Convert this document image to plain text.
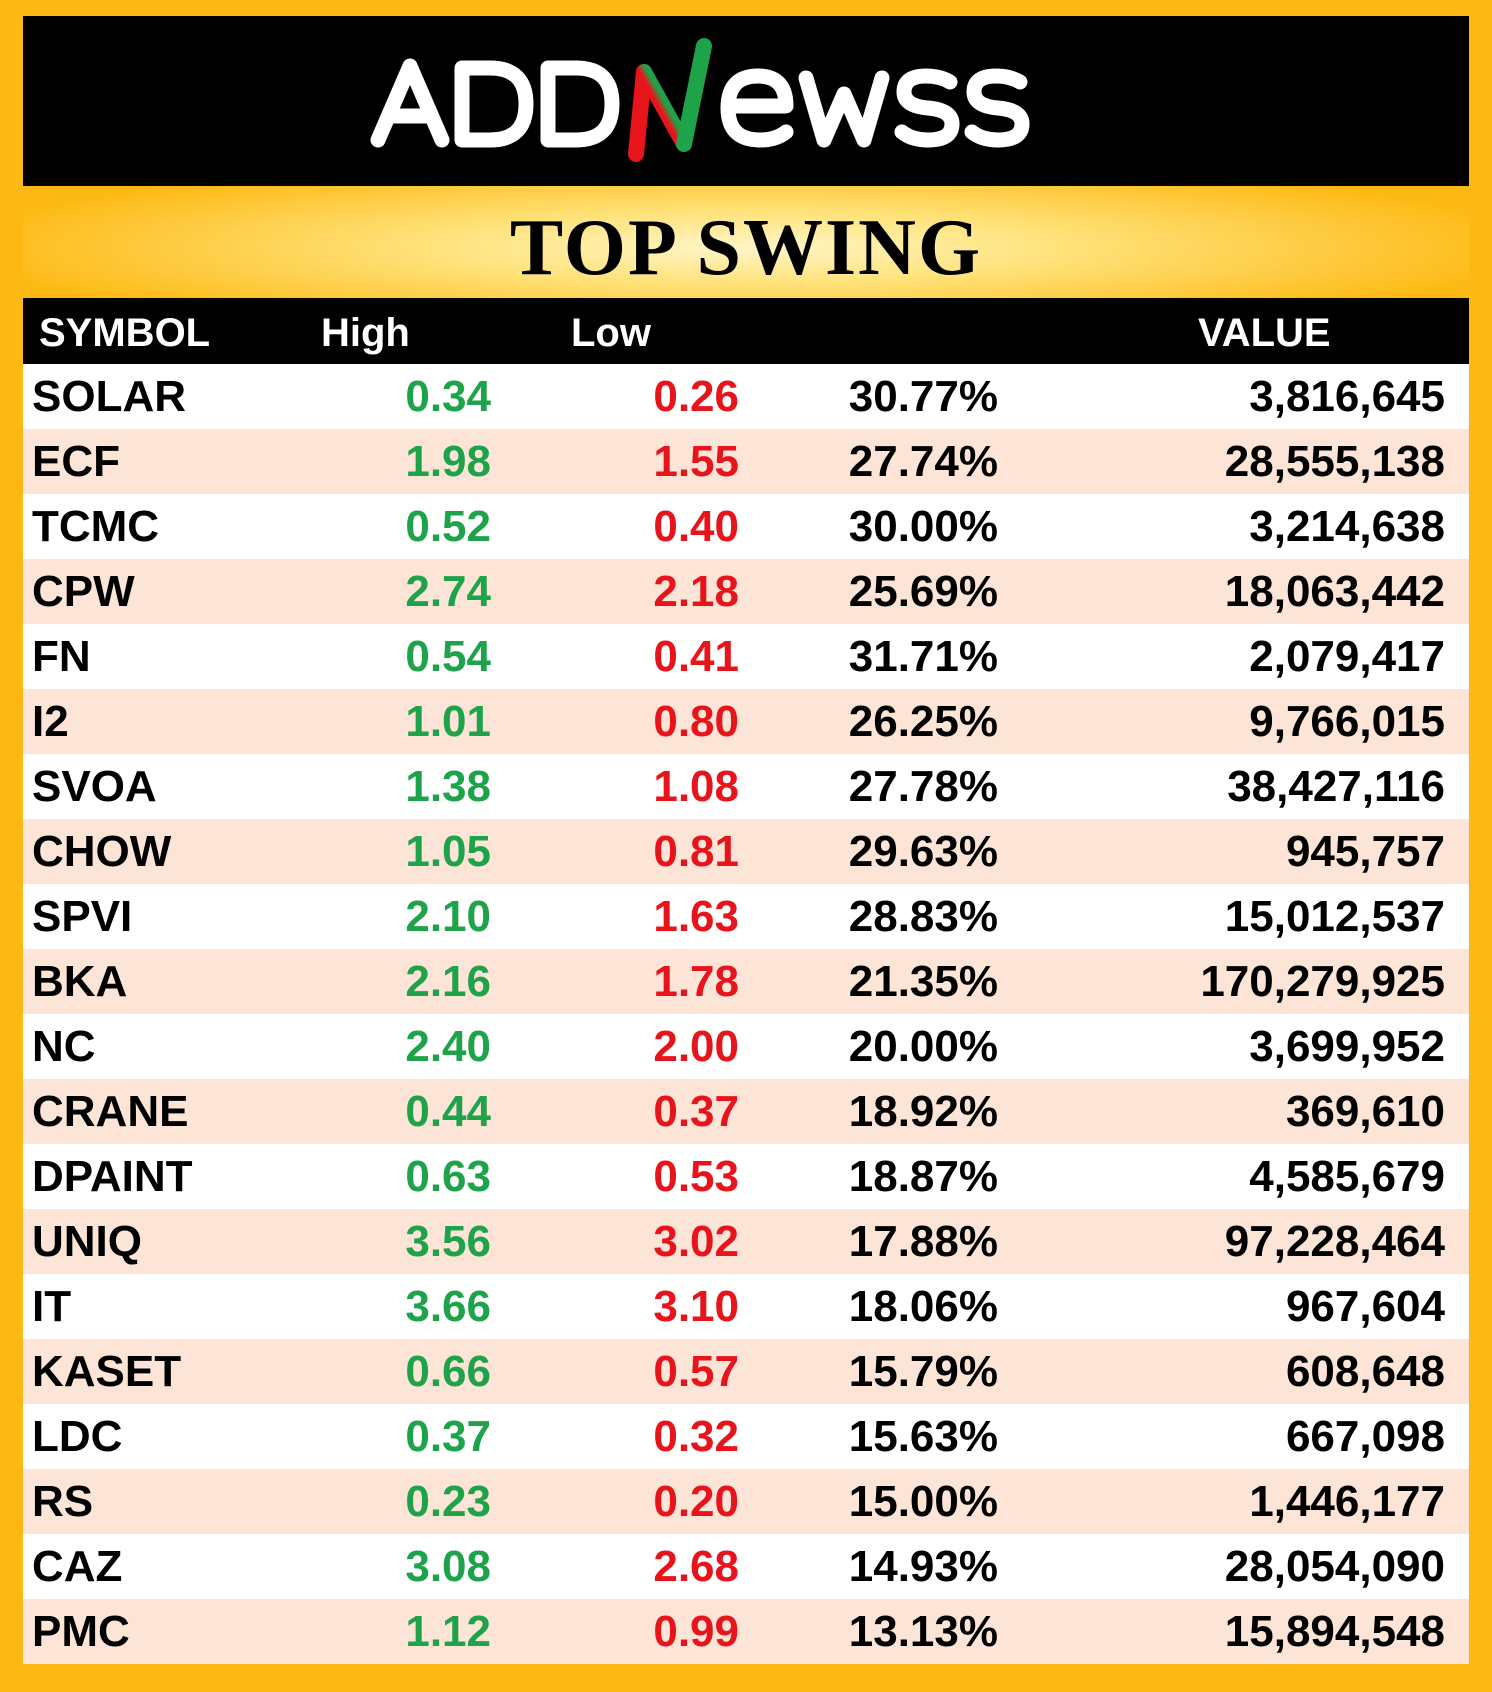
TOP SWING
SYMBOL	High	Low		VALUE
SOLAR	0.34	0.26	30.77%	3,816,645
ECF	1.98	1.55	27.74%	28,555,138
TCMC	0.52	0.40	30.00%	3,214,638
CPW	2.74	2.18	25.69%	18,063,442
FN	0.54	0.41	31.71%	2,079,417
I2	1.01	0.80	26.25%	9,766,015
SVOA	1.38	1.08	27.78%	38,427,116
CHOW	1.05	0.81	29.63%	945,757
SPVI	2.10	1.63	28.83%	15,012,537
BKA	2.16	1.78	21.35%	170,279,925
NC	2.40	2.00	20.00%	3,699,952
CRANE	0.44	0.37	18.92%	369,610
DPAINT	0.63	0.53	18.87%	4,585,679
UNIQ	3.56	3.02	17.88%	97,228,464
IT	3.66	3.10	18.06%	967,604
KASET	0.66	0.57	15.79%	608,648
LDC	0.37	0.32	15.63%	667,098
RS	0.23	0.20	15.00%	1,446,177
CAZ	3.08	2.68	14.93%	28,054,090
PMC	1.12	0.99	13.13%	15,894,548
